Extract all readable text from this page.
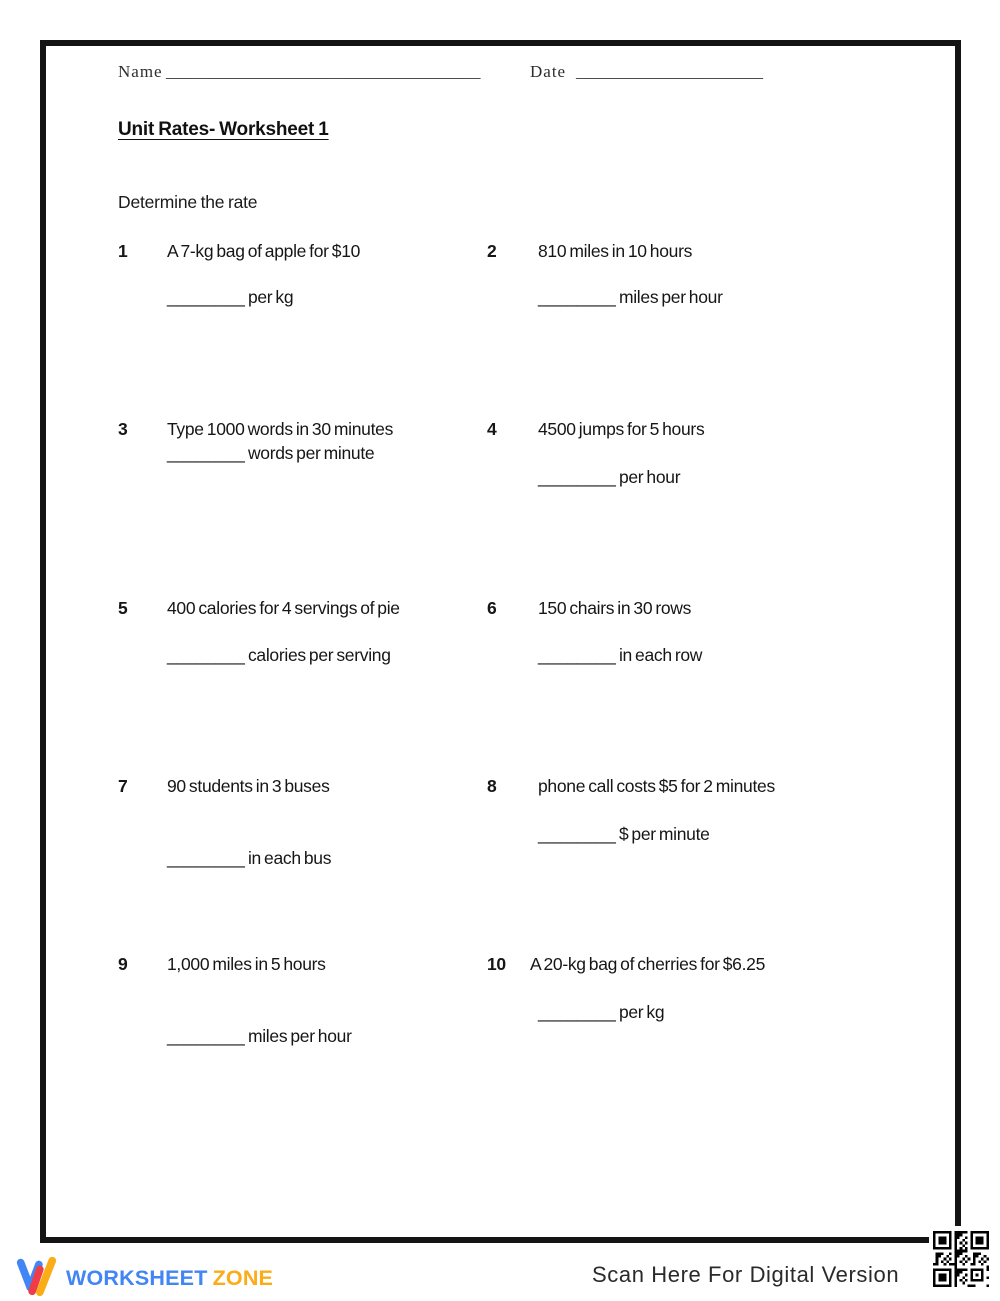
Name _____________________________________	Date ______________________
Unit Rates- Worksheet 1

Determine the rate

1 A 7-kg bag of apple for $10
________ per kg
2 810 miles in 10 hours
________ miles per hour
3 Type 1000 words in 30 minutes
________ words per minute
4 4500 jumps for 5 hours
________ per hour
5 400 calories for 4 servings of pie
________ calories per serving
6 150 chairs in 30 rows
________ in each row
7 90 students in 3 buses
________ in each bus
8 phone call costs $5 for 2 minutes
________ $ per minute
9 1,000 miles in 5 hours
________ miles per hour
10 A 20-kg bag of cherries for $6.25
________ per kg
WORKSHEET ZONE	Scan Here For Digital Version
